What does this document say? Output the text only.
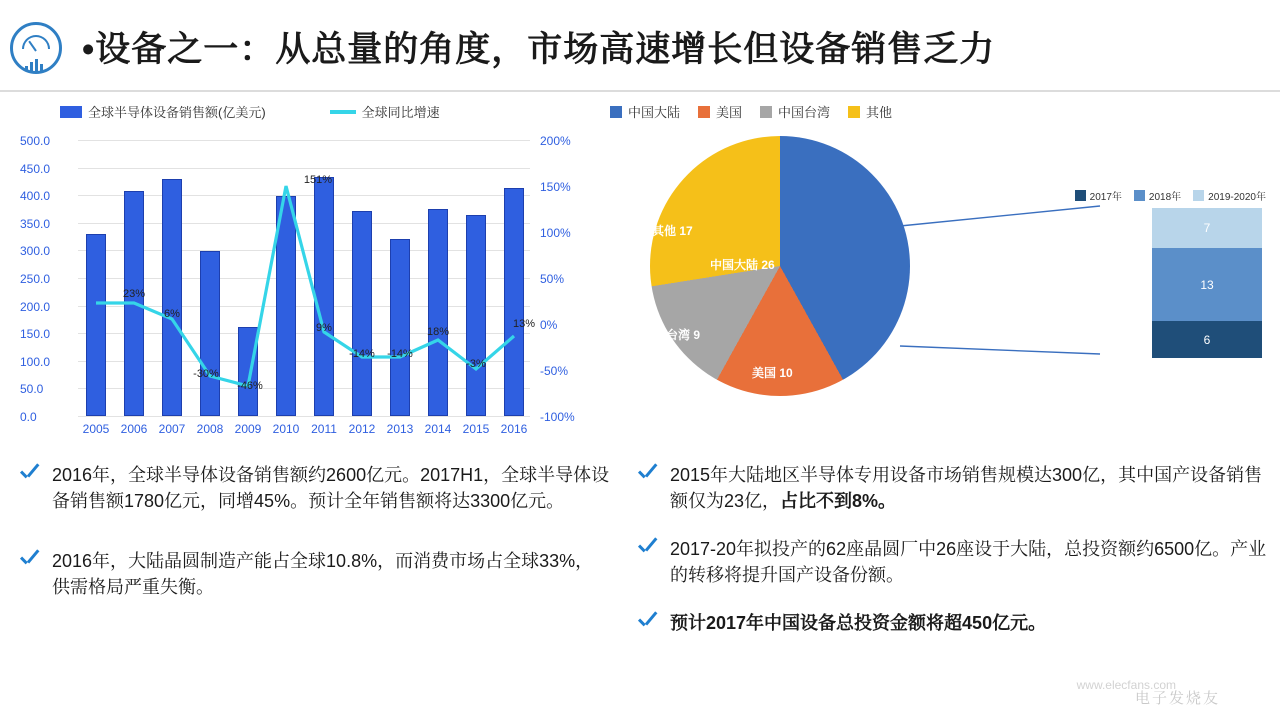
•设备之一：从总量的角度，市场高速增长但设备销售乏力
全球半导体设备销售额(亿美元)	全球同比增速
500.0
450.0
400.0
350.0
300.0
250.0
200.0
150.0
100.0
50.0
0.0
200%
150%
100%
50%
0%
-50%
-100%
23%
6%
-30%
-46%
151%
9%
-14% -14%
18%
-3%
13%
2005 2006 2007 2008 2009 2010 2011 2012 2013 2014 2015 2016
中国大陆	美国	中国台湾	其他
中国大陆 26
美国 10
中国台湾 9
其他 17
2017年	2018年	2019-2020年
7
13
6
2016年，全球半导体设备销售额约2600亿元。2017H1，全球半导体设备销售额1780亿元，同增45%。预计全年销售额将达3300亿元。
2016年，大陆晶圆制造产能占全球10.8%，而消费市场占全球33%，供需格局严重失衡。
2015年大陆地区半导体专用设备市场销售规模达300亿，其中国产设备销售额仅为23亿，占比不到8%。
2017-20年拟投产的62座晶圆厂中26座设于大陆，总投资额约6500亿。产业的转移将提升国产设备份额。
预计2017年中国设备总投资金额将超450亿元。
电子发烧友
www.elecfans.com
